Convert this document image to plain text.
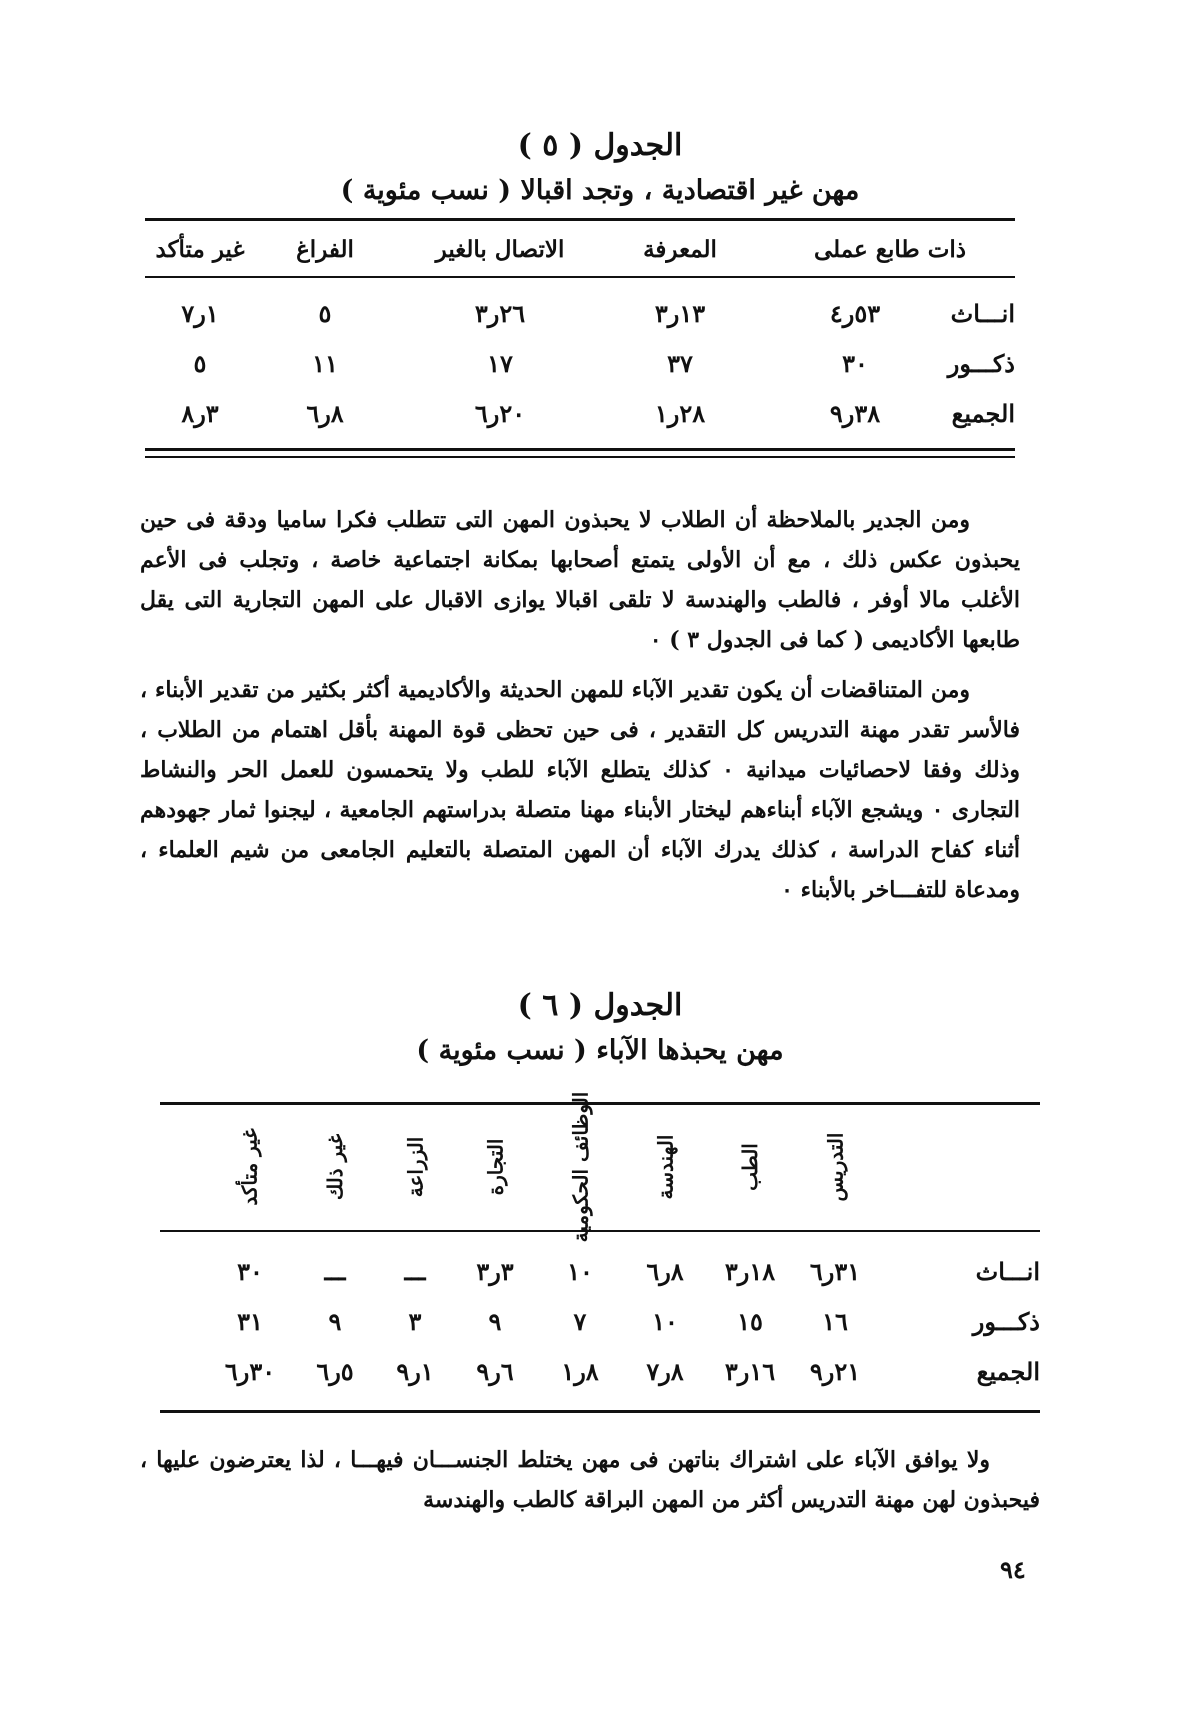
الجدول ( ٥ )
مهن غير اقتصادية ، وتجد اقبالا ( نسب مئوية )
ذات طابع عملى
المعرفة
الاتصال بالغير
الفراغ
غير متأكد
انـــاث
٥٣ر٤
١٣ر٣
٢٦ر٣
٥
١ر٧
ذكـــور
٣٠
٣٧
١٧
١١
٥
الجميع
٣٨ر٩
٢٨ر١
٢٠ر٦
٨ر٦
٣ر٨
ومن الجدير بالملاحظة أن الطلاب لا يحبذون المهن التى تتطلب فكرا ساميا ودقة فى حين يحبذون عكس ذلك ، مع أن الأولى يتمتع أصحابها بمكانة اجتماعية خاصة ، وتجلب فى الأعم الأغلب مالا أوفر ، فالطب والهندسة لا تلقى اقبالا يوازى الاقبال على المهن التجارية التى يقل طابعها الأكاديمى ( كما فى الجدول ٣ ) ٠
ومن المتناقضات أن يكون تقدير الآباء للمهن الحديثة والأكاديمية أكثر بكثير من تقدير الأبناء ، فالأسر تقدر مهنة التدريس كل التقدير ، فى حين تحظى قوة المهنة بأقل اهتمام من الطلاب ، وذلك وفقا لاحصائيات ميدانية ٠ كذلك يتطلع الآباء للطب ولا يتحمسون للعمل الحر والنشاط التجارى ٠ ويشجع الآباء أبناءهم ليختار الأبناء مهنا متصلة بدراستهم الجامعية ، ليجنوا ثمار جهودهم أثناء كفاح الدراسة ، كذلك يدرك الآباء أن المهن المتصلة بالتعليم الجامعى من شيم العلماء ، ومدعاة للتفـــاخر بالأبناء ٠
الجدول ( ٦ )
مهن يحبذها الآباء ( نسب مئوية )
التدريس
الطب
الهندسة
الوظائف الحكومية
التجارة
الزراعة
غير ذلك
غير متأكد
انـــاث
٣١ر٦
١٨ر٣
٨ر٦
١٠
٣ر٣
ـــ
ـــ
٣٠
ذكـــور
١٦
١٥
١٠
٧
٩
٣
٩
٣١
الجميع
٢١ر٩
١٦ر٣
٨ر٧
٨ر١
٦ر٩
١ر٩
٥ر٦
٣٠ر٦
ولا يوافق الآباء على اشتراك بناتهن فى مهن يختلط الجنســـان فيهـــا ، لذا يعترضون عليها ، فيحبذون لهن مهنة التدريس أكثر من المهن البراقة كالطب والهندسة
٩٤
